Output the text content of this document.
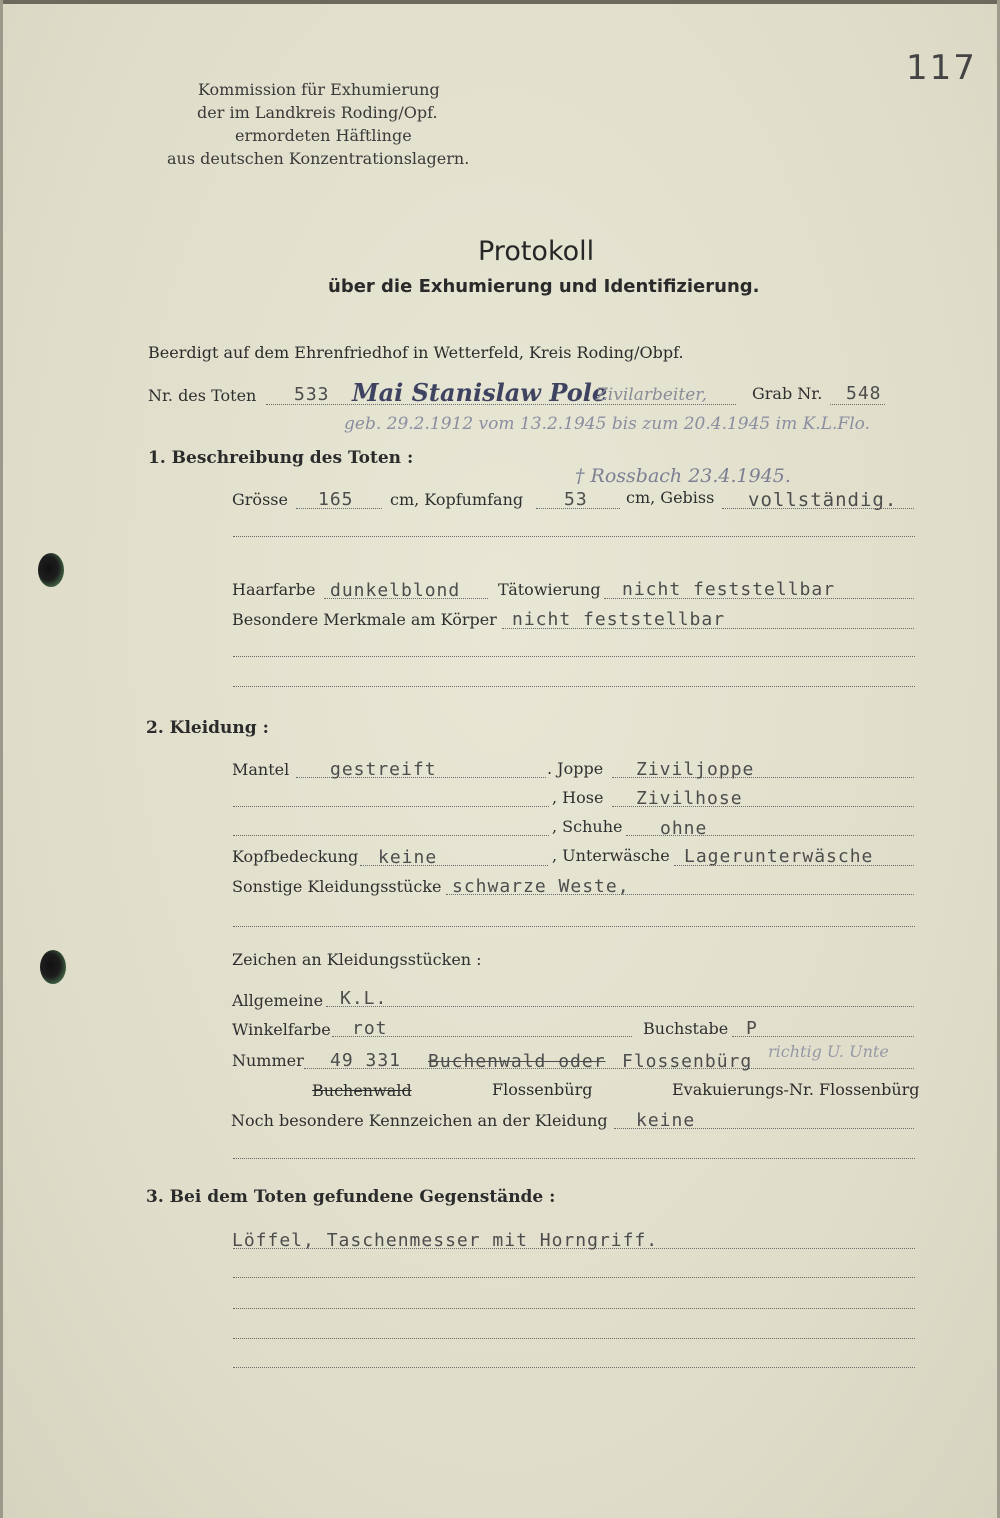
117
Kommission für Exhumierung
der im Landkreis Roding/Opf.
ermordeten Häftlinge
aus deutschen Konzentrationslagern.
Protokoll
über die Exhumierung und Identifizierung.
Beerdigt auf dem Ehrenfriedhof in Wetterfeld, Kreis Roding/Obpf.
Nr. des Toten 533 Mai Stanislaw Pole
Zivilarbeiter,	Grab Nr. 548
geb. 29.2.1912 vom 13.2.1945 bis zum 20.4.1945 im K.L.Flo.
1. Beschreibung des Toten :
† Rossbach 23.4.1945.
Grösse 165 cm, Kopfumfang 53 cm, Gebiss vollständig.
Haarfarbe dunkelblond Tätowierung nicht feststellbar
Besondere Merkmale am Körper nicht feststellbar
2. Kleidung :
Mantel gestreift	. Joppe Ziviljoppe
, Hose Zivilhose
, Schuhe ohne
Kopfbedeckung keine	, Unterwäsche Lagerunterwäsche
Sonstige Kleidungsstücke schwarze Weste,
Zeichen an Kleidungsstücken :
Allgemeine K.L.
Winkelfarbe rot	Buchstabe P
Nummer 49 331 Buchenwald oder Flossenbürg richtig U. Unte
Buchenwald	Flossenbürg	Evakuierungs-Nr. Flossenbürg
Noch besondere Kennzeichen an der Kleidung keine
3. Bei dem Toten gefundene Gegenstände :
Löffel, Taschenmesser mit Horngriff.
